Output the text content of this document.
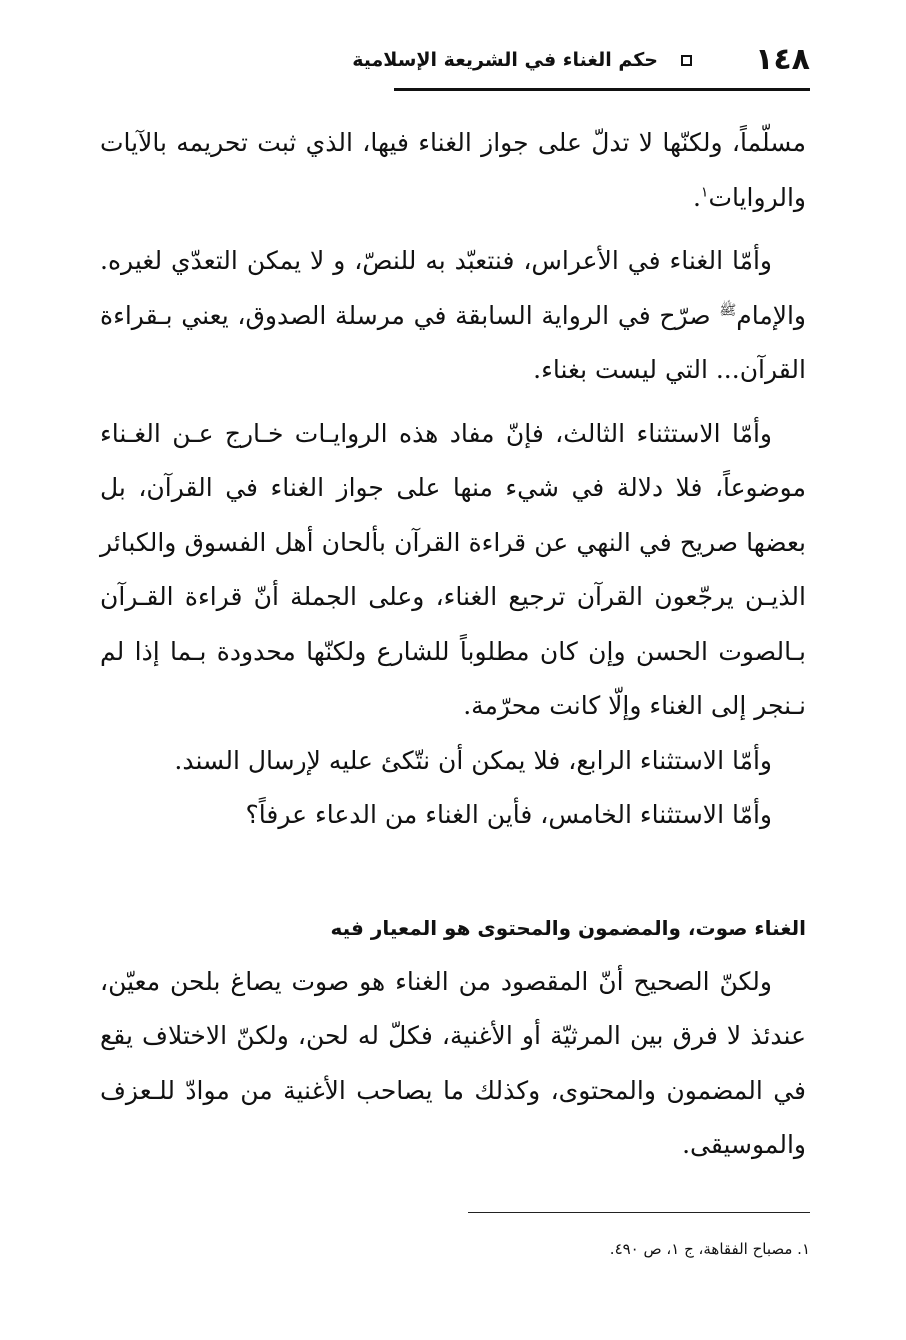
١٤٨
حكم الغناء في الشريعة الإسلامية

مسلّماً، ولكنّها لا تدلّ على جواز الغناء فيها، الذي ثبت تحريمه بالآيات والروايات$^١$.

وأمّا الغناء في الأعراس، فنتعبّد به للنصّ، و لا يمكن التعدّي لغيره. والإمام$^ﷺ$ صرّح في الرواية السابقة في مرسلة الصدوق، يعني بـقراءة القرآن... التي ليست بغناء.

وأمّا الاستثناء الثالث، فإنّ مفاد هذه الروايـات خـارج عـن الغـناء موضوعاً، فلا دلالة في شيء منها على جواز الغناء في القرآن، بل بعضها صريح في النهي عن قراءة القرآن بألحان أهل الفسوق والكبائر الذيـن يرجّعون القرآن ترجيع الغناء، وعلى الجملة أنّ قراءة القـرآن بـالصوت الحسن وإن كان مطلوباً للشارع ولكنّها محدودة بـما إذا لم نـنجر إلى الغناء وإلّا كانت محرّمة.

وأمّا الاستثناء الرابع، فلا يمكن أن نتّكئ عليه لإرسال السند.

وأمّا الاستثناء الخامس، فأين الغناء من الدعاء عرفاً؟

الغناء صوت، والمضمون والمحتوى هو المعيار فيه

ولكنّ الصحيح أنّ المقصود من الغناء هو صوت يصاغ بلحن معيّن، عندئذ لا فرق بين المرثيّة أو الأغنية، فكلّ له لحن، ولكنّ الاختلاف يقع في المضمون والمحتوى، وكذلك ما يصاحب الأغنية من موادّ للـعزف والموسيقى.

١. مصباح الفقاهة، ج ١، ص ٤٩٠.
